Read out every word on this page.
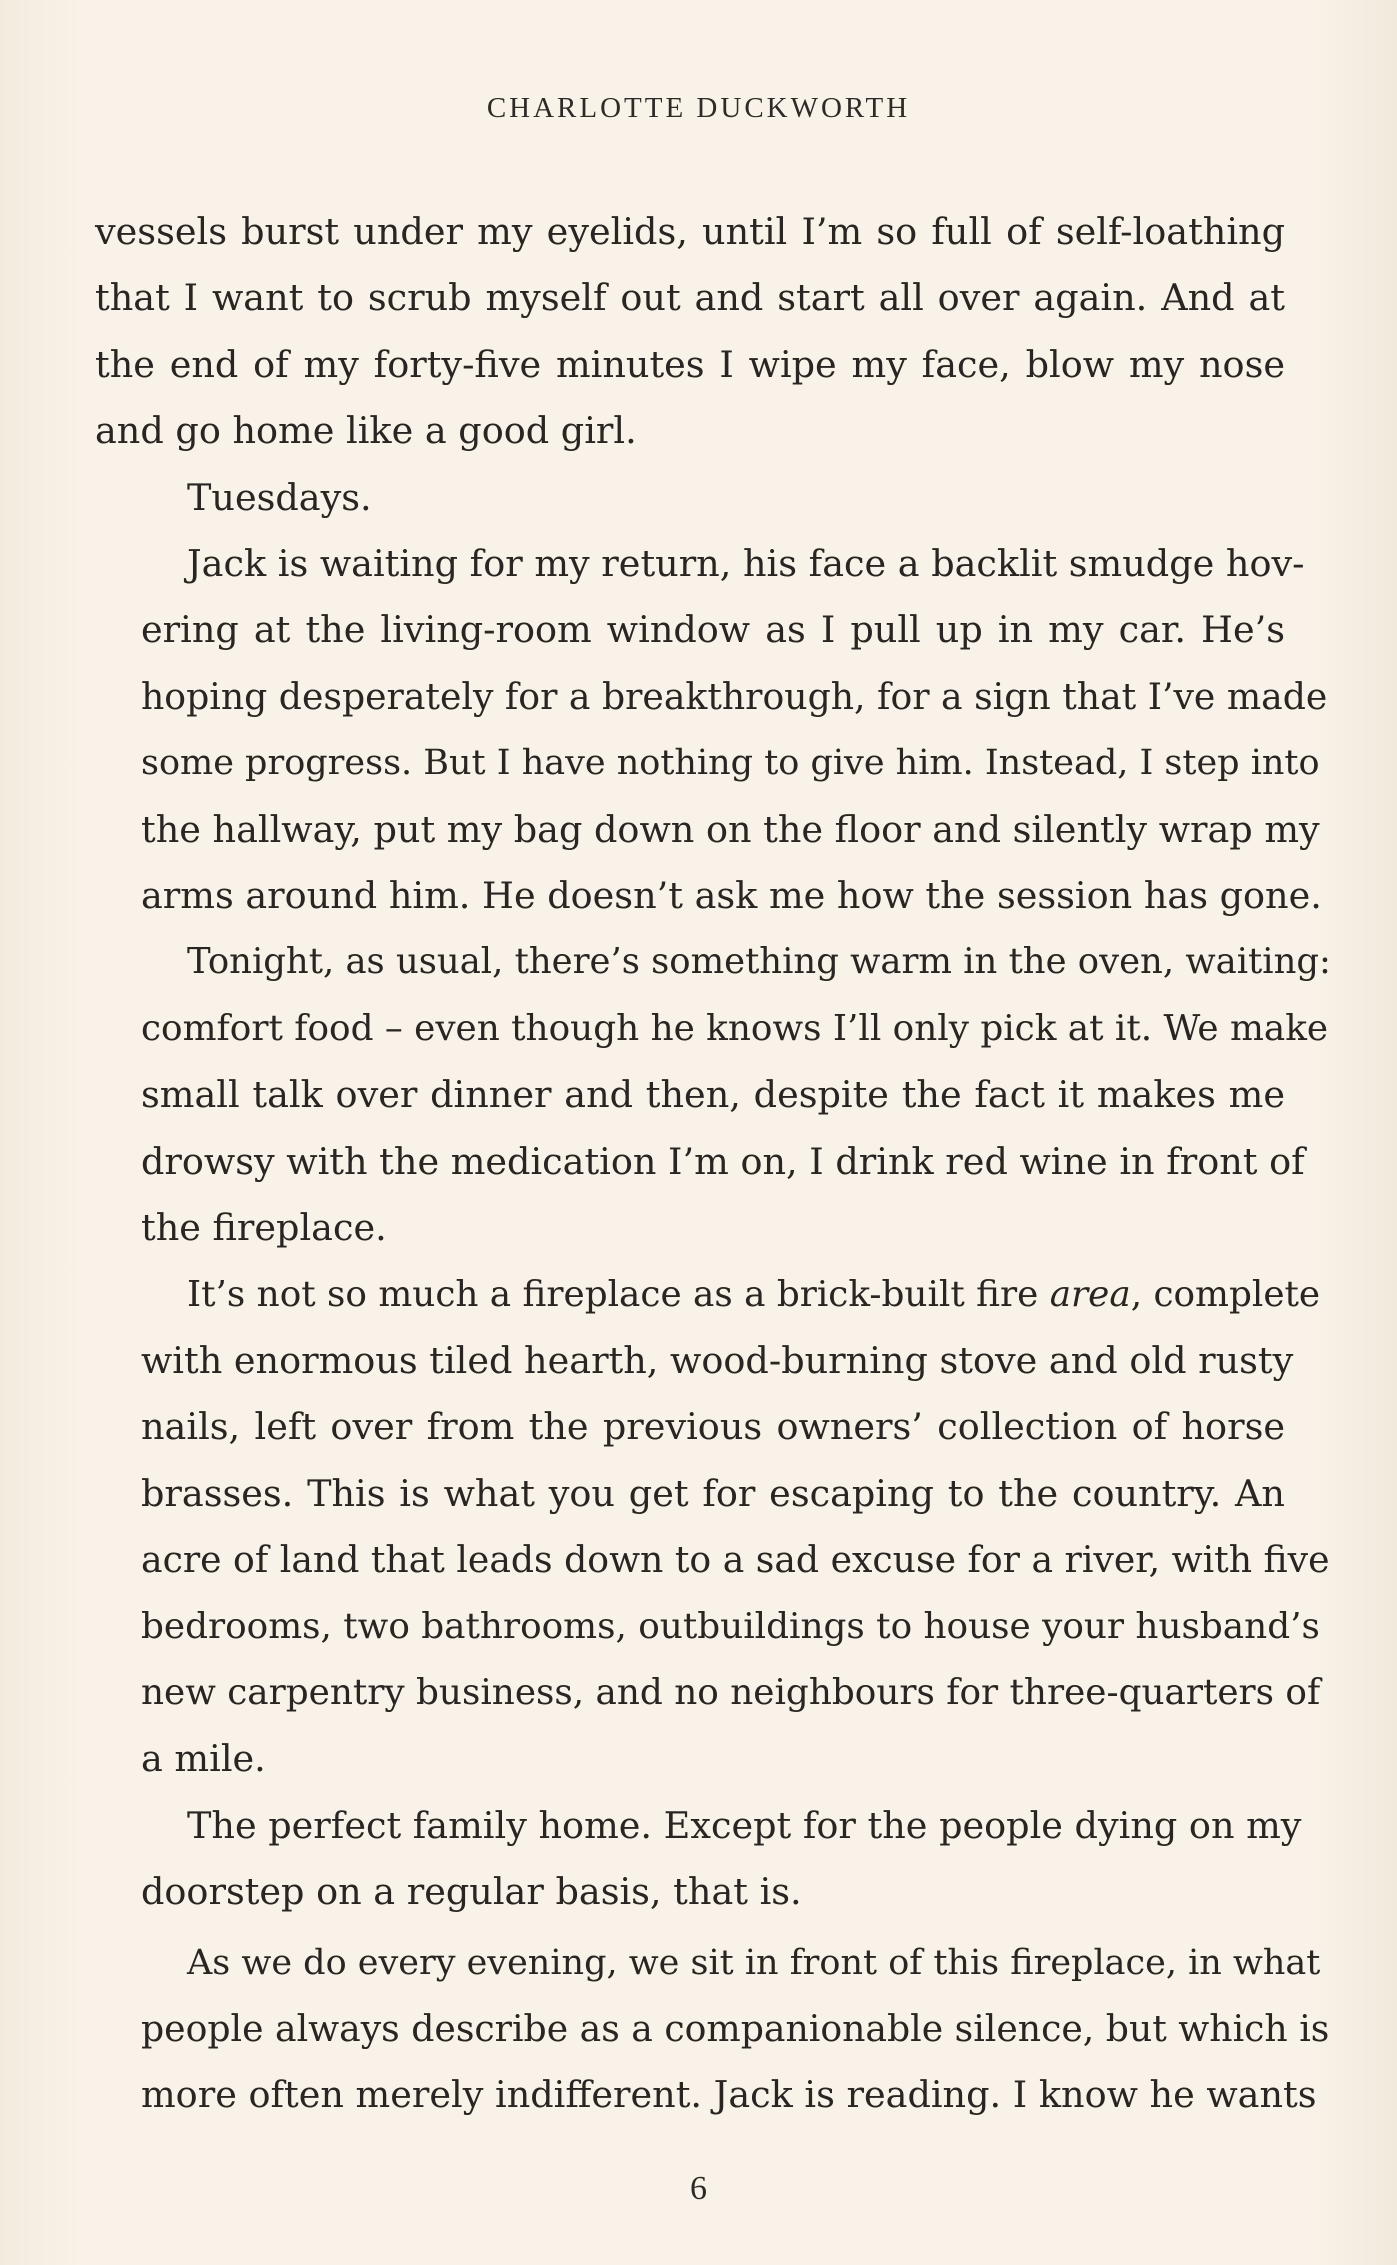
CHARLOTTE DUCKWORTH

vessels burst under my eyelids, until I’m so full of self-loathing
that I want to scrub myself out and start all over again. And at
the end of my forty-five minutes I wipe my face, blow my nose
and go home like a good girl.

Tuesdays.

Jack is waiting for my return, his face a backlit smudge hov-
ering at the living-room window as I pull up in my car. He’s
hoping desperately for a breakthrough, for a sign that I’ve made
some progress. But I have nothing to give him. Instead, I step into
the hallway, put my bag down on the floor and silently wrap my
arms around him. He doesn’t ask me how the session has gone.

Tonight, as usual, there’s something warm in the oven, waiting:
comfort food – even though he knows I’ll only pick at it. We make
small talk over dinner and then, despite the fact it makes me
drowsy with the medication I’m on, I drink red wine in front of
the fireplace.

It’s not so much a fireplace as a brick-built fire area, complete
with enormous tiled hearth, wood-burning stove and old rusty
nails, left over from the previous owners’ collection of horse
brasses. This is what you get for escaping to the country. An
acre of land that leads down to a sad excuse for a river, with five
bedrooms, two bathrooms, outbuildings to house your husband’s
new carpentry business, and no neighbours for three-quarters of
a mile.

The perfect family home. Except for the people dying on my
doorstep on a regular basis, that is.

As we do every evening, we sit in front of this fireplace, in what
people always describe as a companionable silence, but which is
more often merely indifferent. Jack is reading. I know he wants

6
